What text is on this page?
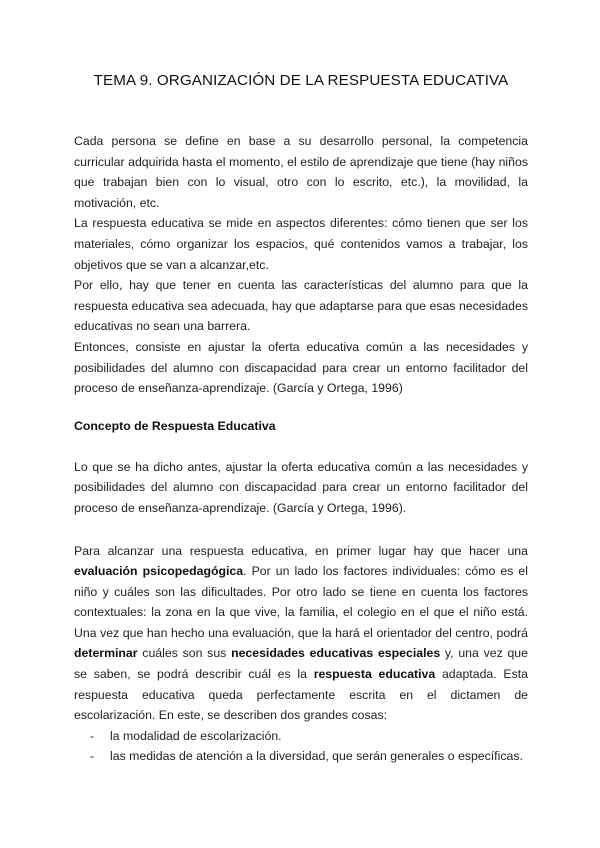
TEMA 9. ORGANIZACIÓN DE LA RESPUESTA EDUCATIVA

Cada persona se define en base a su desarrollo personal, la competencia curricular adquirida hasta el momento, el estilo de aprendizaje que tiene (hay niños que trabajan bien con lo visual, otro con lo escrito, etc.), la movilidad, la motivación, etc.

La respuesta educativa se mide en aspectos diferentes: cómo tienen que ser los materiales, cómo organizar los espacios, qué contenidos vamos a trabajar, los objetivos que se van a alcanzar,etc.

Por ello, hay que tener en cuenta las características del alumno para que la respuesta educativa sea adecuada, hay que adaptarse para que esas necesidades educativas no sean una barrera.

Entonces, consiste en ajustar la oferta educativa común a las necesidades y posibilidades del alumno con discapacidad para crear un entorno facilitador del proceso de enseñanza-aprendizaje. (García y Ortega, 1996)

Concepto de Respuesta Educativa

Lo que se ha dicho antes, ajustar la oferta educativa común a las necesidades y posibilidades del alumno con discapacidad para crear un entorno facilitador del proceso de enseñanza-aprendizaje. (García y Ortega, 1996).

Para alcanzar una respuesta educativa, en primer lugar hay que hacer una evaluación psicopedagógica. Por un lado los factores individuales: cómo es el niño y cuáles son las dificultades. Por otro lado se tiene en cuenta los factores contextuales: la zona en la que vive, la familia, el colegio en el que el niño está. Una vez que han hecho una evaluación, que la hará el orientador del centro, podrá determinar cuáles son sus necesidades educativas especiales y, una vez que se saben, se podrá describir cuál es la respuesta educativa adaptada. Esta respuesta educativa queda perfectamente escrita en el dictamen de escolarización. En este, se describen dos grandes cosas:

- la modalidad de escolarización.
- las medidas de atención a la diversidad, que serán generales o específicas.
